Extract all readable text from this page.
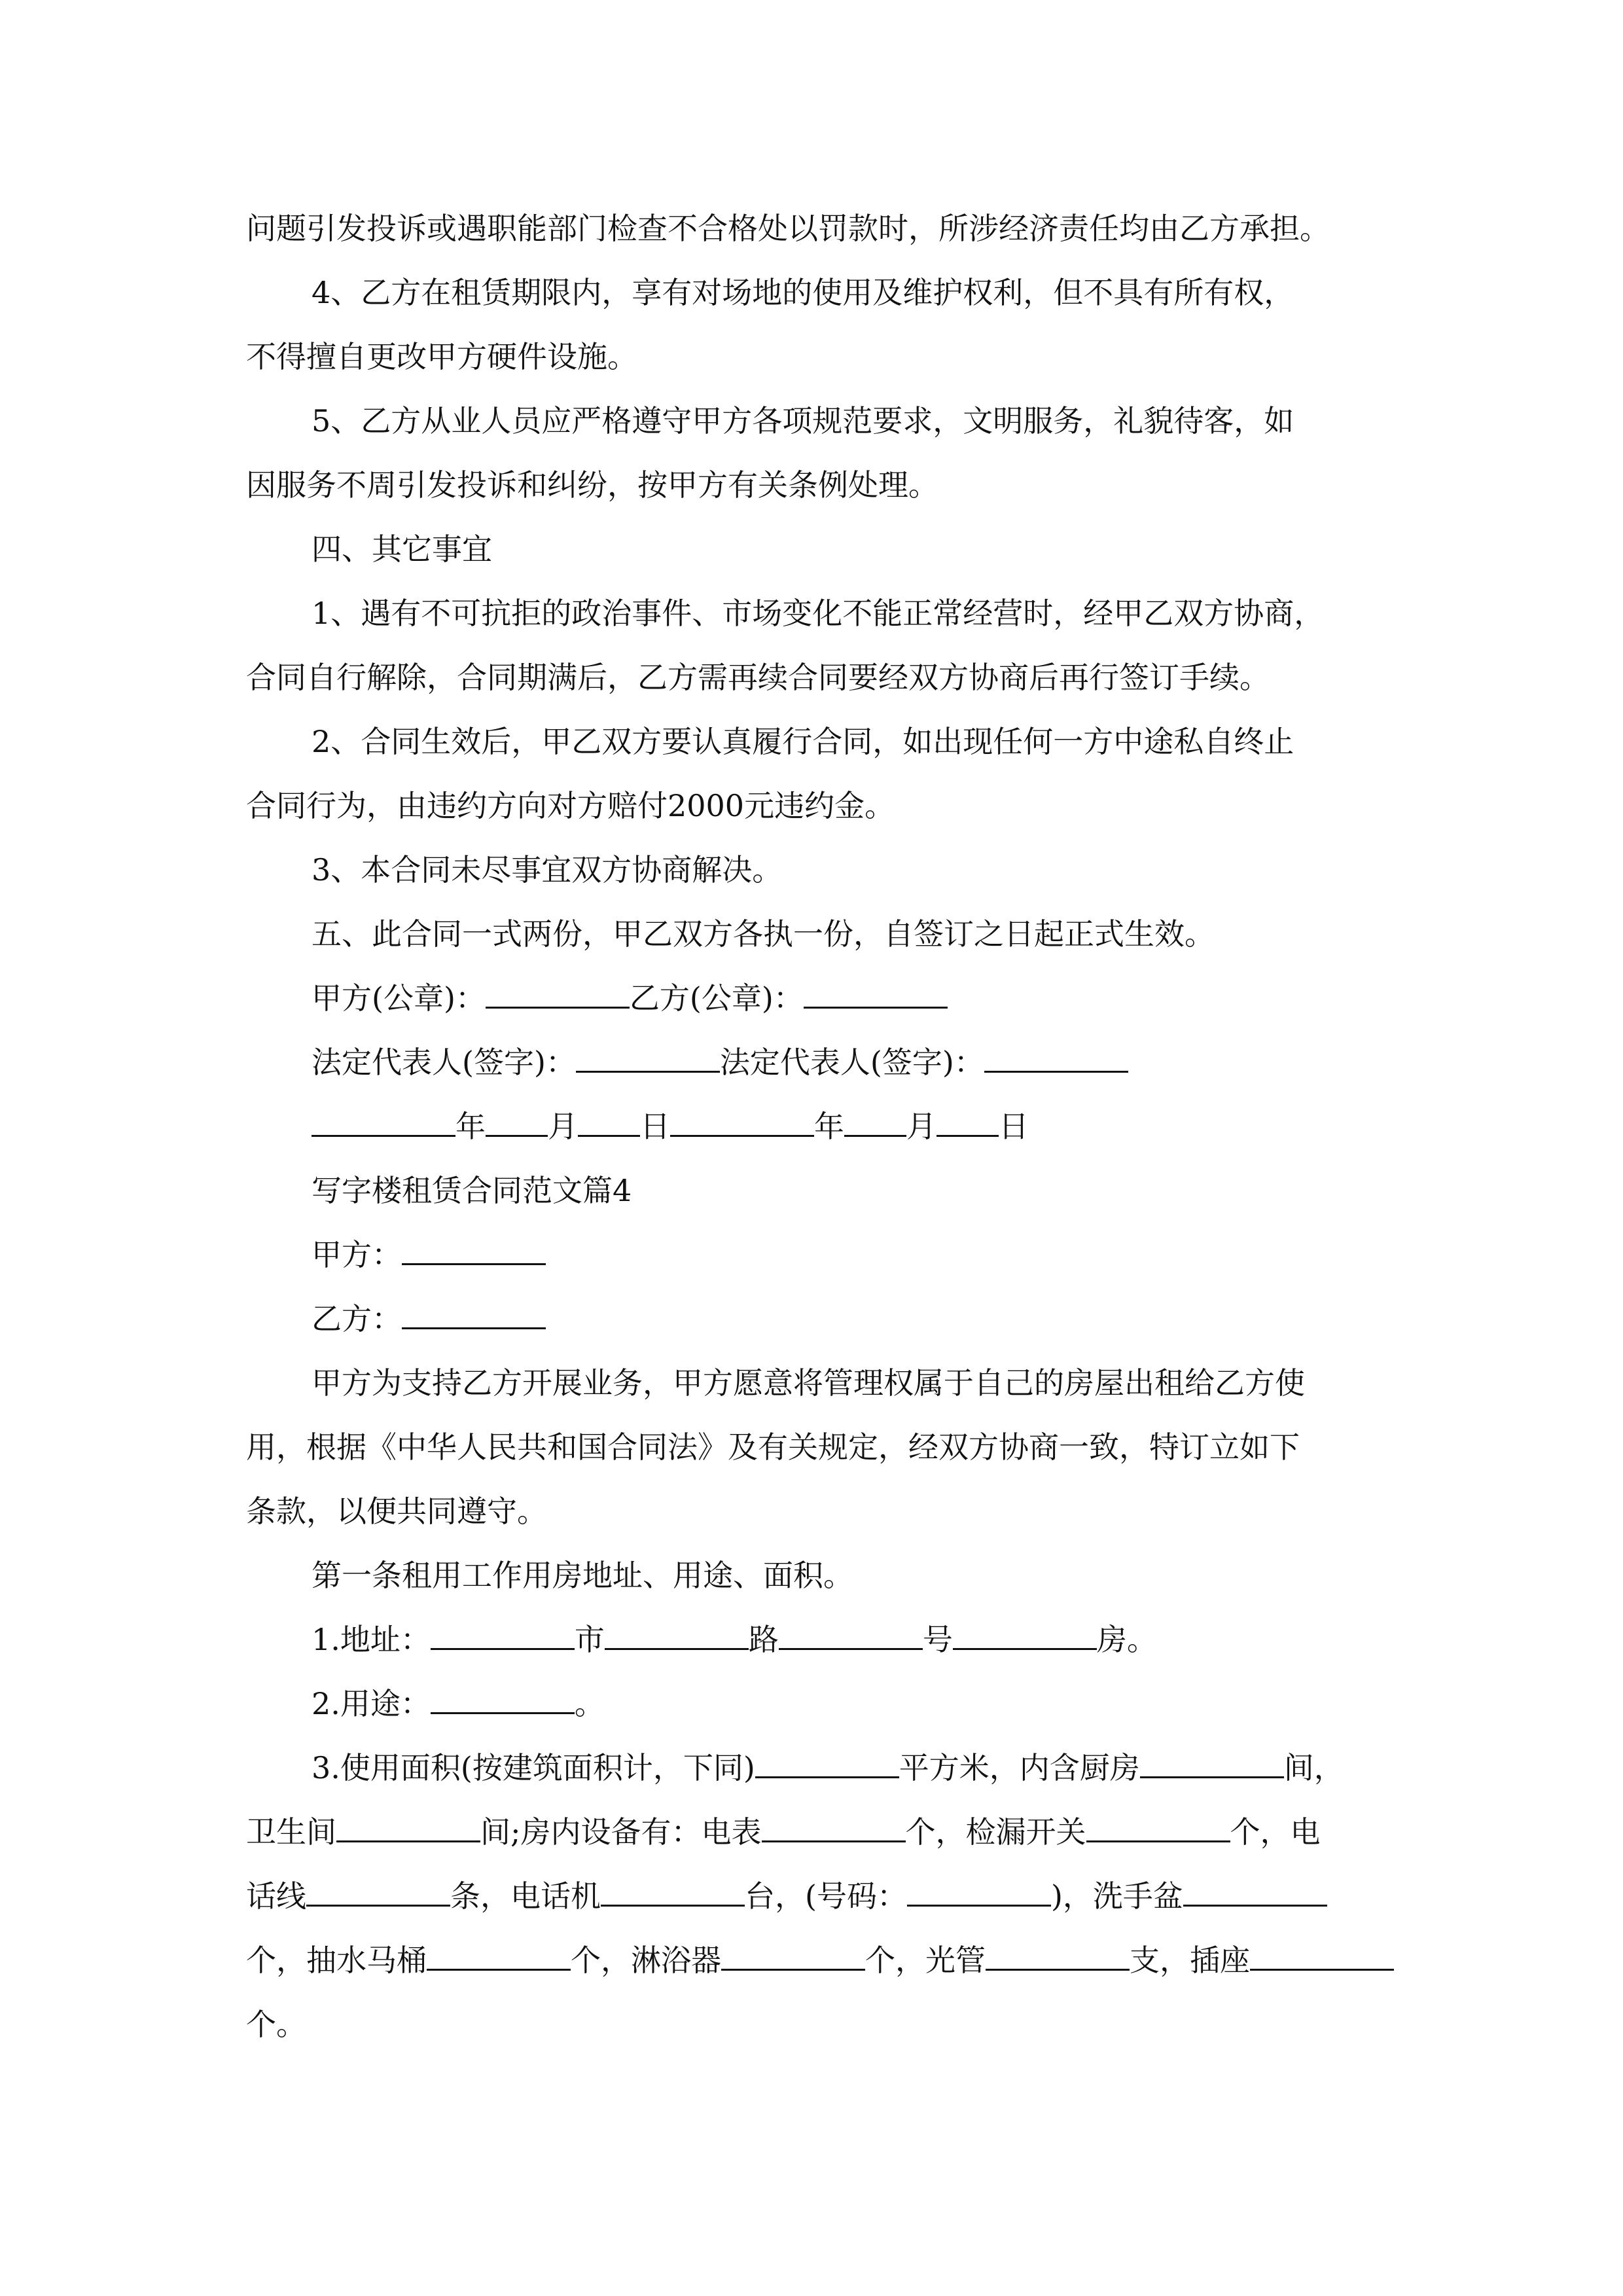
问题引发投诉或遇职能部门检查不合格处以罚款时，所涉经济责任均由乙方承担。
4、乙方在租赁期限内，享有对场地的使用及维护权利，但不具有所有权，
不得擅自更改甲方硬件设施。
5、乙方从业人员应严格遵守甲方各项规范要求，文明服务，礼貌待客，如
因服务不周引发投诉和纠纷，按甲方有关条例处理。
四、其它事宜
1、遇有不可抗拒的政治事件、市场变化不能正常经营时，经甲乙双方协商，
合同自行解除，合同期满后，乙方需再续合同要经双方协商后再行签订手续。
2、合同生效后，甲乙双方要认真履行合同，如出现任何一方中途私自终止
合同行为，由违约方向对方赔付2000元违约金。
3、本合同未尽事宜双方协商解决。
五、此合同一式两份，甲乙双方各执一份，自签订之日起正式生效。
甲方(公章)：	乙方(公章)：
法定代表人(签字)：	法定代表人(签字)：
年 月 日	年 月 日
写字楼租赁合同范文篇4
甲方：
乙方：
甲方为支持乙方开展业务，甲方愿意将管理权属于自己的房屋出租给乙方使
用，根据《中华人民共和国合同法》及有关规定，经双方协商一致，特订立如下
条款，以便共同遵守。
第一条租用工作用房地址、用途、面积。
1.地址：	市	路	号	房。
2.用途：	。
3.使用面积(按建筑面积计，下同)	平方米，内含厨房	间，
卫生间	间;房内设备有：电表	个，检漏开关	个，电
话线	条，电话机	台，(号码：	)，洗手盆
个，抽水马桶	个，淋浴器	个，光管	支，插座
个。
